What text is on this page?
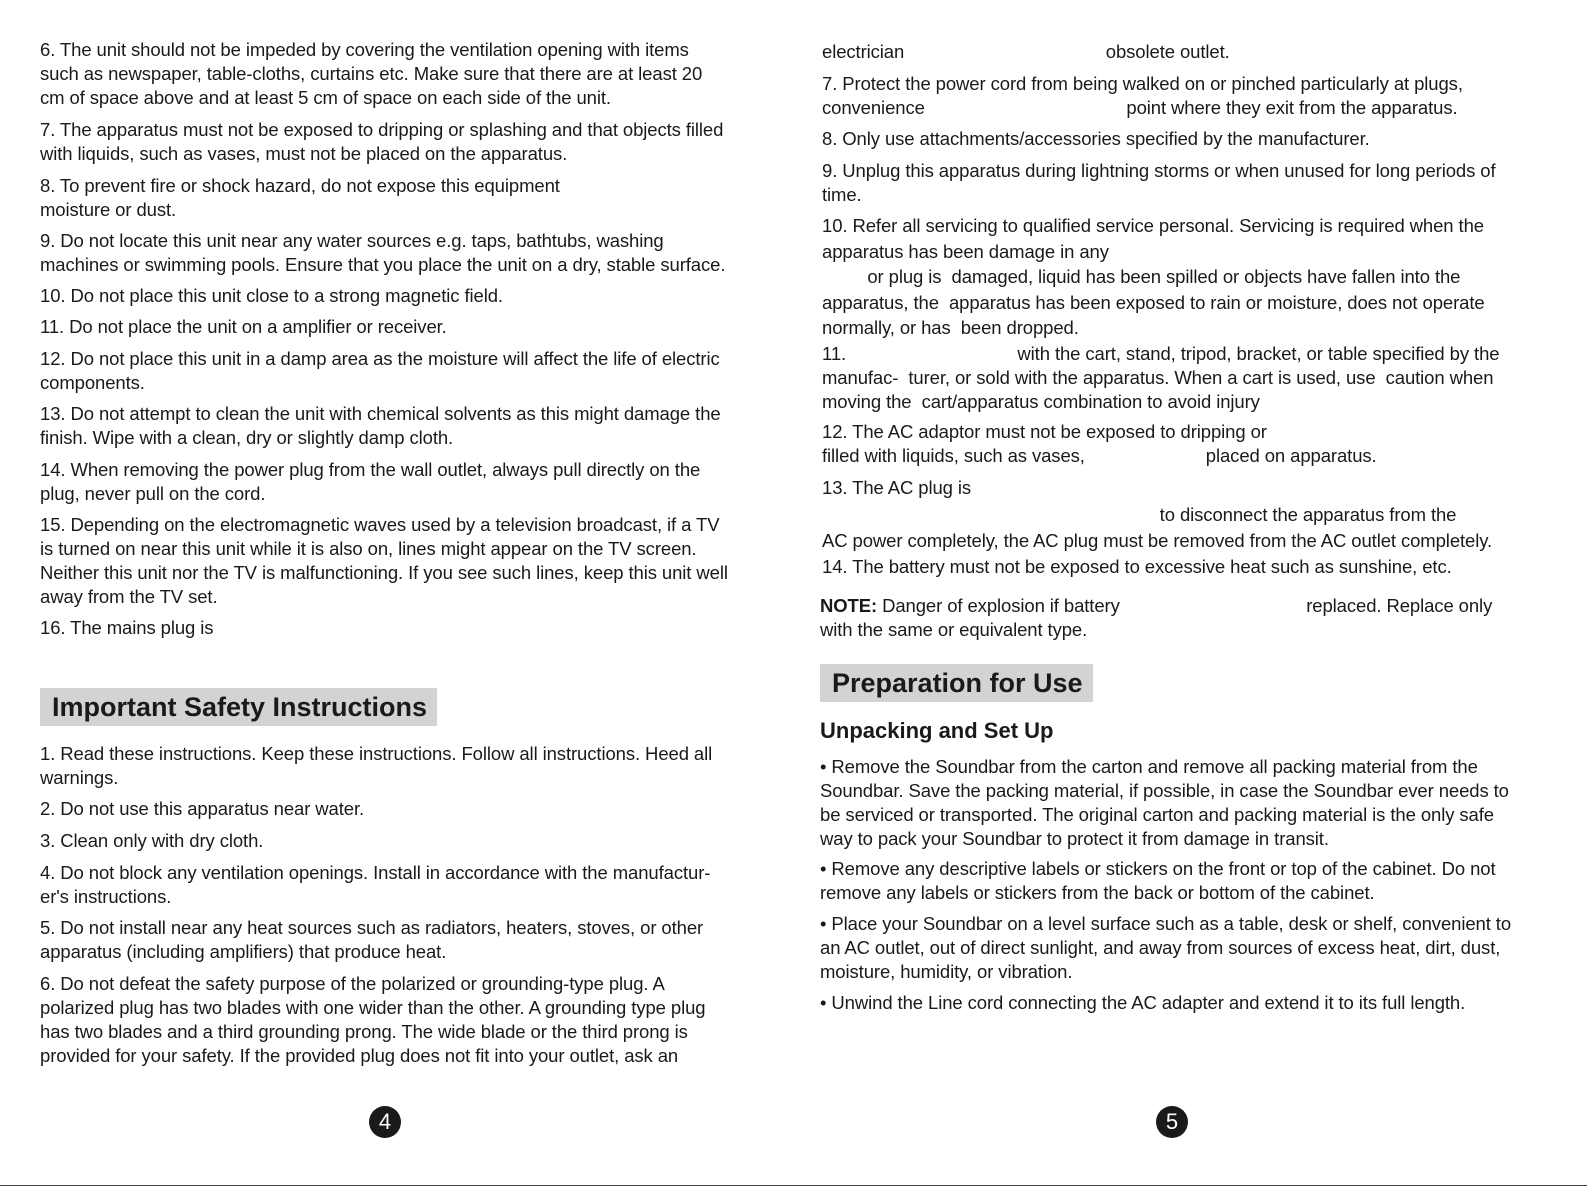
6. The unit should not be impeded by covering the ventilation opening with items
such as newspaper, table-cloths, curtains etc. Make sure that there are at least 20
cm of space above and at least 5 cm of space on each side of the unit.
7. The apparatus must not be exposed to dripping or splashing and that objects filled
with liquids, such as vases, must not be placed on the apparatus.
8. To prevent fire or shock hazard, do not expose this equipment
moisture or dust.
9. Do not locate this unit near any water sources e.g. taps, bathtubs, washing
machines or swimming pools. Ensure that you place the unit on a dry, stable surface.
10. Do not place this unit close to a strong magnetic field.
11. Do not place the unit on a amplifier or receiver.
12. Do not place this unit in a damp area as the moisture will affect the life of electric
components.
13. Do not attempt to clean the unit with chemical solvents as this might damage the
finish. Wipe with a clean, dry or slightly damp cloth.
14. When removing the power plug from the wall outlet, always pull directly on the
plug, never pull on the cord.
15. Depending on the electromagnetic waves used by a television broadcast, if a TV
is turned on near this unit while it is also on, lines might appear on the TV screen.
Neither this unit nor the TV is malfunctioning. If you see such lines, keep this unit well
away from the TV set.
16. The mains plug is
Important Safety Instructions
1. Read these instructions. Keep these instructions. Follow all instructions. Heed all
warnings.
2. Do not use this apparatus near water.
3. Clean only with dry cloth.
4. Do not block any ventilation openings. Install in accordance with the manufactur-
er's instructions.
5. Do not install near any heat sources such as radiators, heaters, stoves, or other
apparatus (including amplifiers) that produce heat.
6. Do not defeat the safety purpose of the polarized or grounding-type plug. A
polarized plug has two blades with one wider than the other. A grounding type plug
has two blades and a third grounding prong. The wide blade or the third prong is
provided for your safety. If the provided plug does not fit into your outlet, ask an
4
electrician                                        obsolete outlet.
7. Protect the power cord from being walked on or pinched particularly at plugs,
convenience                                        point where they exit from the apparatus.
8. Only use attachments/accessories specified by the manufacturer.
9. Unplug this apparatus during lightning storms or when unused for long periods of
time.
10. Refer all servicing to qualified service personal. Servicing is required when the
apparatus has been damage in any
or plug is  damaged, liquid has been spilled or objects have fallen into the
apparatus, the  apparatus has been exposed to rain or moisture, does not operate
normally, or has  been dropped.
11.                                  with the cart, stand, tripod, bracket, or table specified by the
manufac-  turer, or sold with the apparatus. When a cart is used, use  caution when
moving the  cart/apparatus combination to avoid injury
12. The AC adaptor must not be exposed to dripping or
filled with liquids, such as vases,                        placed on apparatus.
13. The AC plug is
to disconnect the apparatus from the
AC power completely, the AC plug must be removed from the AC outlet completely.
14. The battery must not be exposed to excessive heat such as sunshine, etc.
NOTE: Danger of explosion if battery                                     replaced. Replace only
with the same or equivalent type.
Preparation for Use
Unpacking and Set Up
• Remove the Soundbar from the carton and remove all packing material from the
Soundbar. Save the packing material, if possible, in case the Soundbar ever needs to
be serviced or transported. The original carton and packing material is the only safe
way to pack your Soundbar to protect it from damage in transit.
• Remove any descriptive labels or stickers on the front or top of the cabinet. Do not
remove any labels or stickers from the back or bottom of the cabinet.
• Place your Soundbar on a level surface such as a table, desk or shelf, convenient to
an AC outlet, out of direct sunlight, and away from sources of excess heat, dirt, dust,
moisture, humidity, or vibration.
• Unwind the Line cord connecting the AC adapter and extend it to its full length.
5
